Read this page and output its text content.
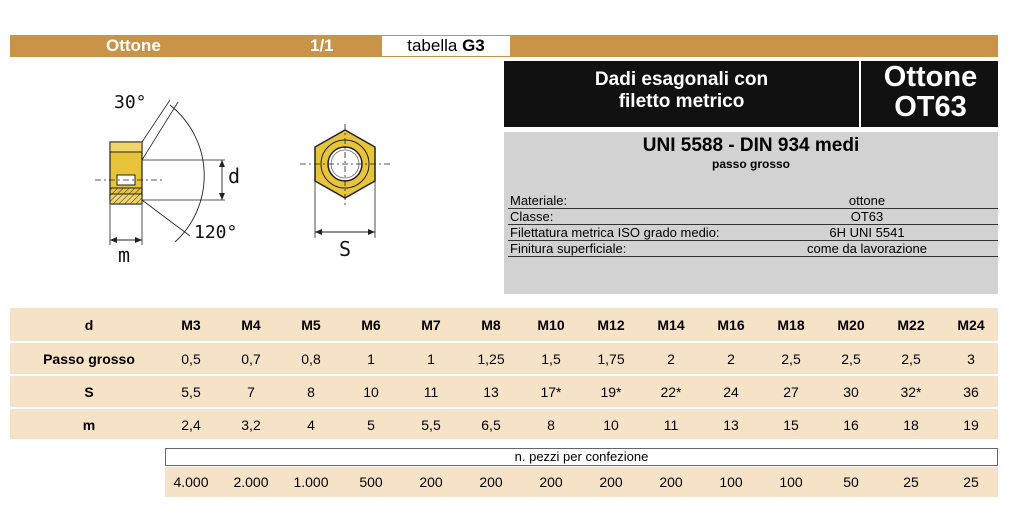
Ottone	1/1	tabella G3
Dadi esagonali con
filetto metrico
Ottone
OT63
UNI 5588 - DIN 934 medi
passo grosso
Materiale:	ottone
Classe:	OT63
Filettatura metrica ISO grado medio:	6H UNI 5541
Finitura superficiale:	come da lavorazione
30°
120°
d
m	S
d	M3	M4	M5	M6	M7	M8	M10	M12	M14	M16	M18	M20	M22	M24
Passo grosso	0,5	0,7	0,8	1	1	1,25	1,5	1,75	2	2	2,5	2,5	2,5	3
S	5,5	7	8	10	11	13	17*	19*	22*	24	27	30	32*	36
m	2,4	3,2	4	5	5,5	6,5	8	10	11	13	15	16	18	19
n. pezzi per confezione
4.000	2.000	1.000	500	200	200	200	200	200	100	100	50	25	25
